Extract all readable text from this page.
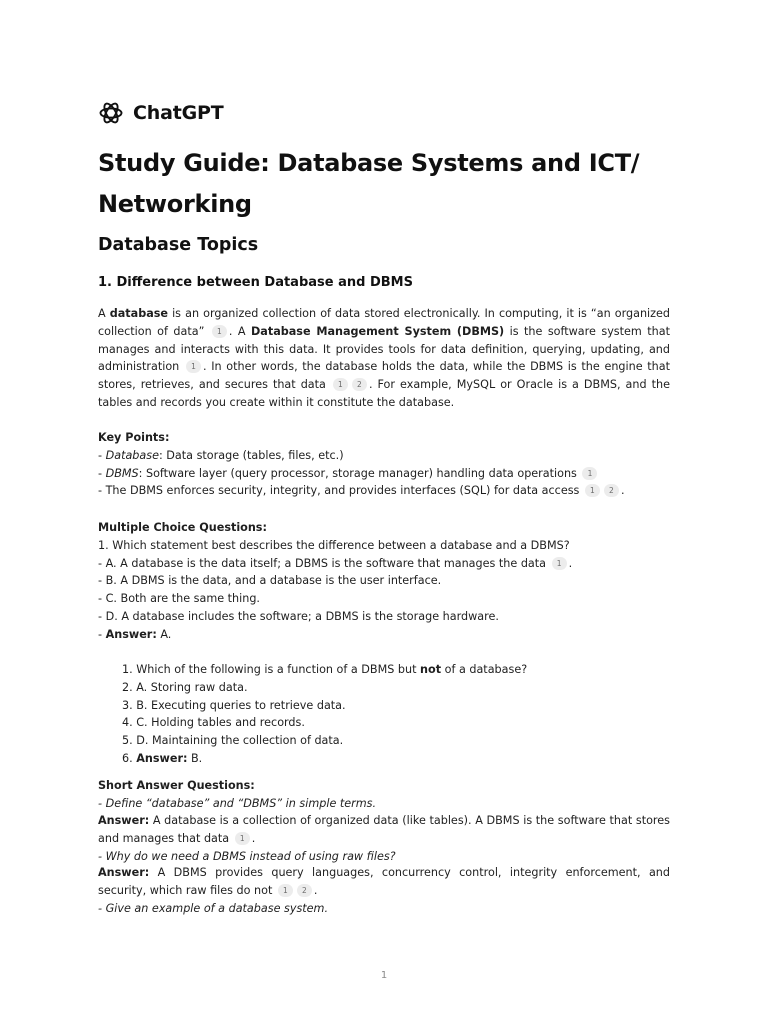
ChatGPT
Study Guide: Database Systems and ICT/ Networking
Database Topics
1. Difference between Database and DBMS

A database is an organized collection of data stored electronically. In computing, it is “an organized collection of data” 1 . A Database Management System (DBMS) is the software system that manages and interacts with this data. It provides tools for data definition, querying, updating, and administration 1 . In other words, the database holds the data, while the DBMS is the engine that stores, retrieves, and secures that data 1 2 . For example, MySQL or Oracle is a DBMS, and the tables and records you create within it constitute the database.

Key Points:
- Database: Data storage (tables, files, etc.)
- DBMS: Software layer (query processor, storage manager) handling data operations 1
- The DBMS enforces security, integrity, and provides interfaces (SQL) for data access 1 2 .
Multiple Choice Questions:
1. Which statement best describes the difference between a database and a DBMS?
- A. A database is the data itself; a DBMS is the software that manages the data 1 .
- B. A DBMS is the data, and a database is the user interface.
- C. Both are the same thing.
- D. A database includes the software; a DBMS is the storage hardware.
- Answer: A.
1. Which of the following is a function of a DBMS but not of a database?
2. A. Storing raw data.
3. B. Executing queries to retrieve data.
4. C. Holding tables and records.
5. D. Maintaining the collection of data.
6. Answer: B.
Short Answer Questions:
- Define “database” and “DBMS” in simple terms.

Answer: A database is a collection of organized data (like tables). A DBMS is the software that stores and manages that data 1 .

- Why do we need a DBMS instead of using raw files?

Answer: A DBMS provides query languages, concurrency control, integrity enforcement, and security, which raw files do not 1 2 .

- Give an example of a database system.
1
